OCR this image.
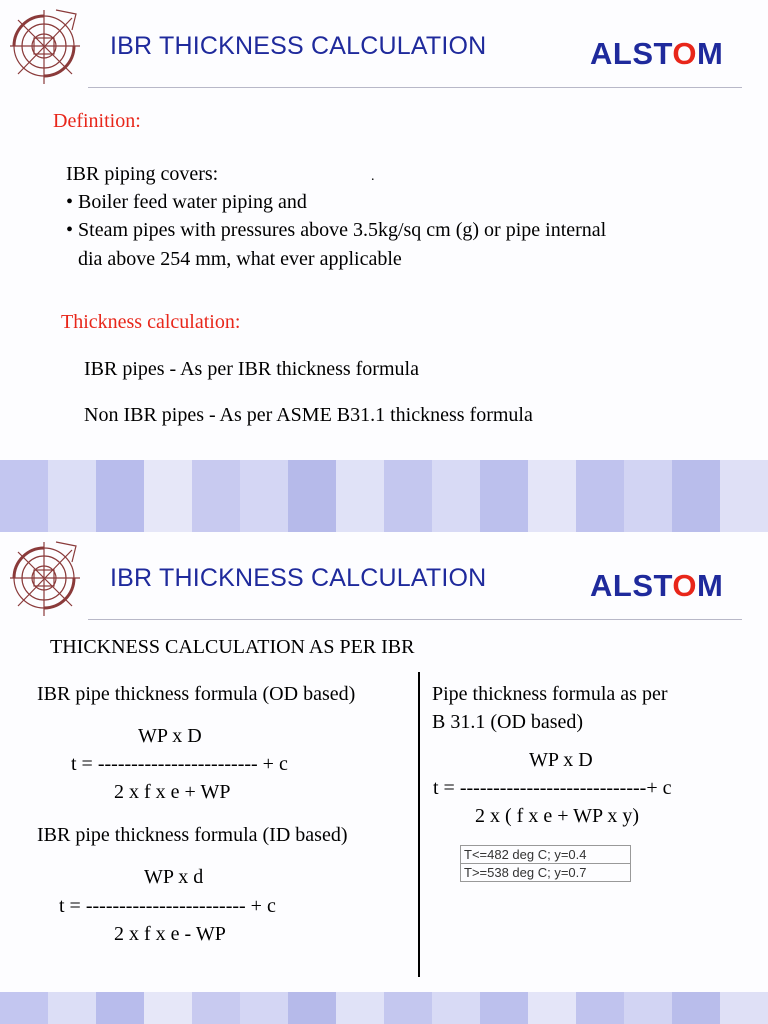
IBR THICKNESS CALCULATION	ALSTOM
Definition:
IBR piping covers:	.
• Boiler feed water piping and
• Steam pipes with pressures above 3.5kg/sq cm (g) or pipe internal
dia above 254 mm, what ever applicable
Thickness calculation:
IBR pipes - As per IBR thickness formula
Non IBR pipes - As per ASME B31.1 thickness formula
IBR THICKNESS CALCULATION	ALSTOM
THICKNESS CALCULATION AS PER IBR
IBR pipe thickness formula (OD based)
WP x D
t = ------------------------ + c
2 x f x e + WP
IBR pipe thickness formula (ID based)
WP x d
t = ------------------------ + c
2 x f x e - WP
Pipe thickness formula as per
B 31.1 (OD based)
WP x D
t = ----------------------------+ c
2 x ( f x e + WP x y)
T<=482 deg C; y=0.4
T>=538 deg C; y=0.7
